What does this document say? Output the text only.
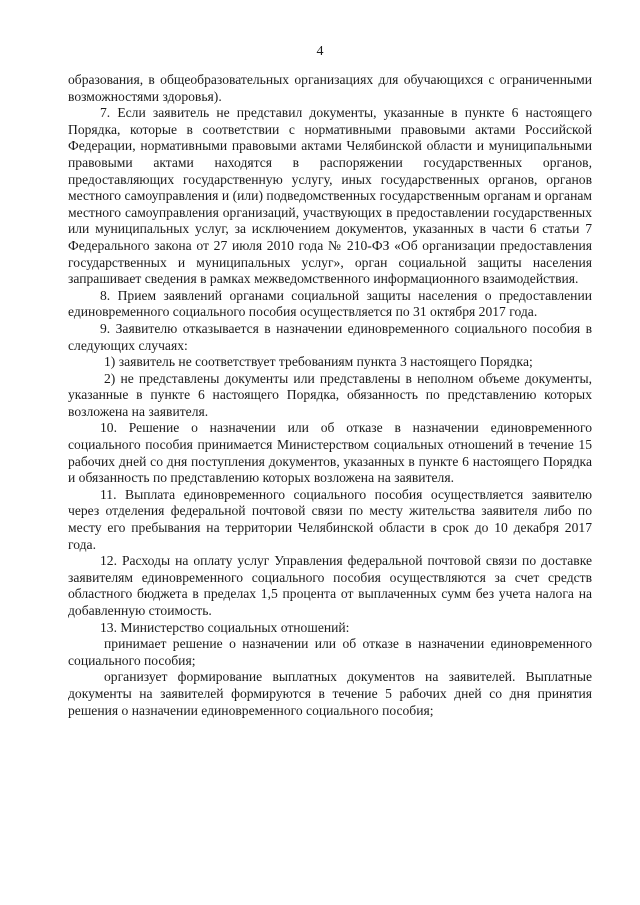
4

образования, в общеобразовательных организациях для обучающихся с ограниченными возможностями здоровья).

7. Если заявитель не представил документы, указанные в пункте 6 настоящего Порядка, которые в соответствии с нормативными правовыми актами Российской Федерации, нормативными правовыми актами Челябинской области и муниципальными правовыми актами находятся в распоряжении государственных органов, предоставляющих государственную услугу, иных государственных органов, органов местного самоуправления и (или) подведомственных государственным органам и органам местного самоуправления организаций, участвующих в предоставлении государственных или муниципальных услуг, за исключением документов, указанных в части 6 статьи 7 Федерального закона от 27 июля 2010 года № 210-ФЗ «Об организации предоставления государственных и муниципальных услуг», орган социальной защиты населения запрашивает сведения в рамках межведомственного информационного взаимодействия.

8. Прием заявлений органами социальной защиты населения о предоставлении единовременного социального пособия осуществляется по 31 октября 2017 года.

9. Заявителю отказывается в назначении единовременного социального пособия в следующих случаях:

1) заявитель не соответствует требованиям пункта 3 настоящего Порядка;

2) не представлены документы или представлены в неполном объеме документы, указанные в пункте 6 настоящего Порядка, обязанность по представлению которых возложена на заявителя.

10. Решение о назначении или об отказе в назначении единовременного социального пособия принимается Министерством социальных отношений в течение 15 рабочих дней со дня поступления документов, указанных в пункте 6 настоящего Порядка и обязанность по представлению которых возложена на заявителя.

11. Выплата единовременного социального пособия осуществляется заявителю через отделения федеральной почтовой связи по месту жительства заявителя либо по месту его пребывания на территории Челябинской области в срок до 10 декабря 2017 года.

12. Расходы на оплату услуг Управления федеральной почтовой связи по доставке заявителям единовременного социального пособия осуществляются за счет средств областного бюджета в пределах 1,5 процента от выплаченных сумм без учета налога на добавленную стоимость.

13. Министерство социальных отношений:

принимает решение о назначении или об отказе в назначении единовременного социального пособия;

организует формирование выплатных документов на заявителей. Выплатные документы на заявителей формируются в течение 5 рабочих дней со дня принятия решения о назначении единовременного социального пособия;
